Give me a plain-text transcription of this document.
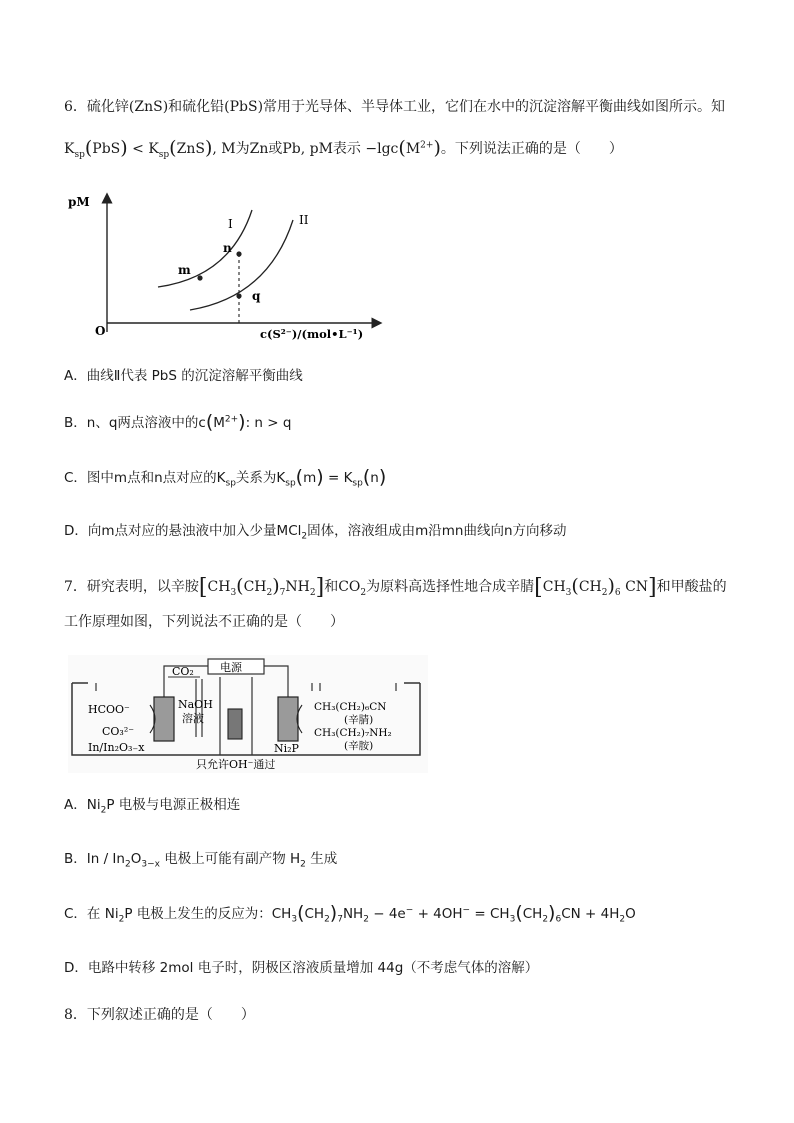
6．硫化锌(ZnS)和硫化铅(PbS)常用于光导体、半导体工业，它们在水中的沉淀溶解平衡曲线如图所示。知
$K_{sp}(PbS) < K_{sp}(ZnS)$, M为Zn或Pb, pM表示 $-\lg c(M^{2+})$。下列说法正确的是（　　）
pM
O	c(S²⁻)/(mol•L⁻¹)
I	II
m
n
q
A．曲线Ⅱ代表 PbS 的沉淀溶解平衡曲线
B．n、q两点溶液中的$c(M^{2+})$: n > q
C．图中m点和n点对应的$K_{sp}$关系为$K_{sp}(m) = K_{sp}(n)$
D．向m点对应的悬浊液中加入少量MCl$_2$固体，溶液组成由m沿mn曲线向n方向移动
7．研究表明，以辛胺$[CH_3(CH_2)_7NH_2]$和$CO_2$为原料高选择性地合成辛腈[$CH_3(CH_2)_6$ CN]和甲酸盐的
工作原理如图，下列说法不正确的是（　　）
电源
CO₂
HCOO⁻
CO₃²⁻
In/In₂O₃₋x
NaOH
溶液
CH₃(CH₂)₆CN
(辛腈)
CH₃(CH₂)₇NH₂
(辛胺)
Ni₂P
只允许OH⁻通过
A．$Ni_2P$ 电极与电源正极相连
B．In / $In_2O_{3-x}$ 电极上可能有副产物 $H_2$ 生成
C．在 $Ni_2P$ 电极上发生的反应为：$CH_3(CH_2)_7NH_2 - 4e^- + 4OH^- = CH_3(CH_2)_6CN + 4H_2O$
D．电路中转移 2mol 电子时，阴极区溶液质量增加 44g（不考虑气体的溶解）
8．下列叙述正确的是（　　）
